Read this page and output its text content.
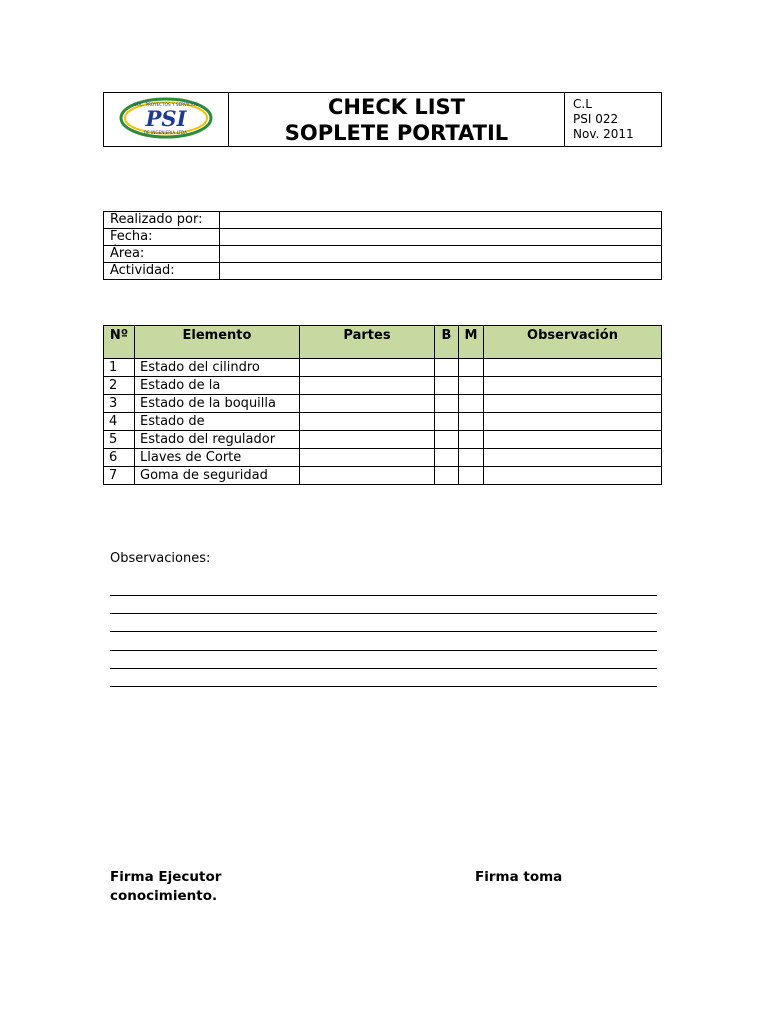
SOC. PROYECTOS Y SERVICIOS
DE INGENIERIA LTDA.
PSI	CHECK LIST
SOPLETE PORTATIL

C.L
PSI 022
Nov. 2011
Realizado por:	
Fecha:	
Área:	
Actividad:	
Nº	Elemento	Partes	B	M	Observación
1	Estado del cilindro				
2	Estado de la				
3	Estado de la boquilla				
4	Estado de				
5	Estado del regulador				
6	Llaves de Corte				
7	Goma de seguridad				
Observaciones:
Firma Ejecutor
conocimiento.
Firma toma
